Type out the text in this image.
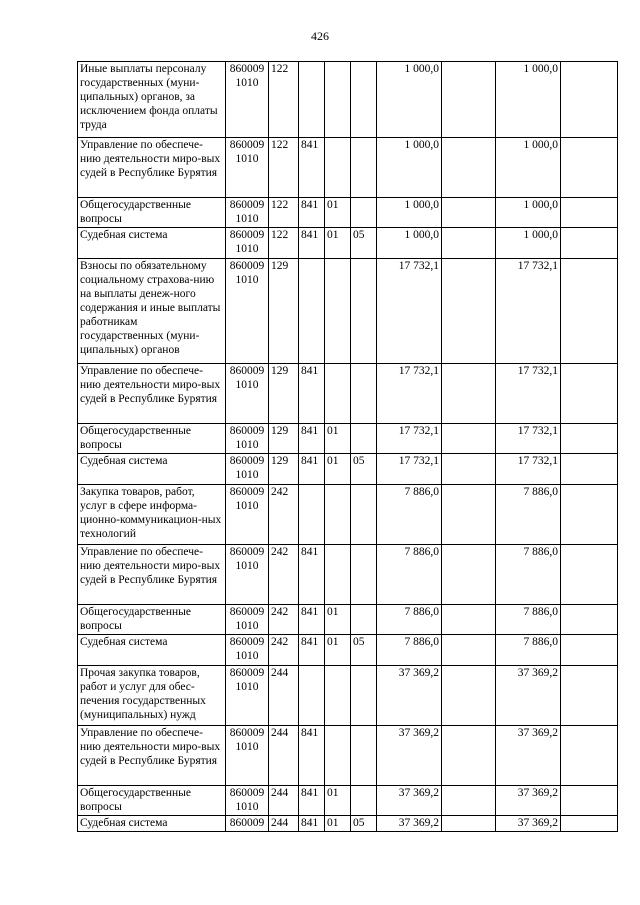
426
Иные выплаты персоналу государственных (муни-ципальных) органов, за исключением фонда оплаты труда	860009 1010	122				1 000,0		1 000,0	
Управление по обеспече-нию деятельности миро-вых судей в Республике Бурятия	860009 1010	122	841			1 000,0		1 000,0	
Общегосударственные вопросы	860009 1010	122	841	01		1 000,0		1 000,0	
Судебная система	860009 1010	122	841	01	05	1 000,0		1 000,0	
Взносы по обязательному социальному страхова-нию на выплаты денеж-ного содержания и иные выплаты работникам государственных (муни-ципальных) органов	860009 1010	129				17 732,1		17 732,1	
Управление по обеспече-нию деятельности миро-вых судей в Республике Бурятия	860009 1010	129	841			17 732,1		17 732,1	
Общегосударственные вопросы	860009 1010	129	841	01		17 732,1		17 732,1	
Судебная система	860009 1010	129	841	01	05	17 732,1		17 732,1	
Закупка товаров, работ, услуг в сфере информа-ционно-коммуникацион-ных технологий	860009 1010	242				7 886,0		7 886,0	
Управление по обеспече-нию деятельности миро-вых судей в Республике Бурятия	860009 1010	242	841			7 886,0		7 886,0	
Общегосударственные вопросы	860009 1010	242	841	01		7 886,0		7 886,0	
Судебная система	860009 1010	242	841	01	05	7 886,0		7 886,0	
Прочая закупка товаров, работ и услуг для обес-печения государственных (муниципальных) нужд	860009 1010	244				37 369,2		37 369,2	
Управление по обеспече-нию деятельности миро-вых судей в Республике Бурятия	860009 1010	244	841			37 369,2		37 369,2	
Общегосударственные вопросы	860009 1010	244	841	01		37 369,2		37 369,2	
Судебная система	860009	244	841	01	05	37 369,2		37 369,2	
